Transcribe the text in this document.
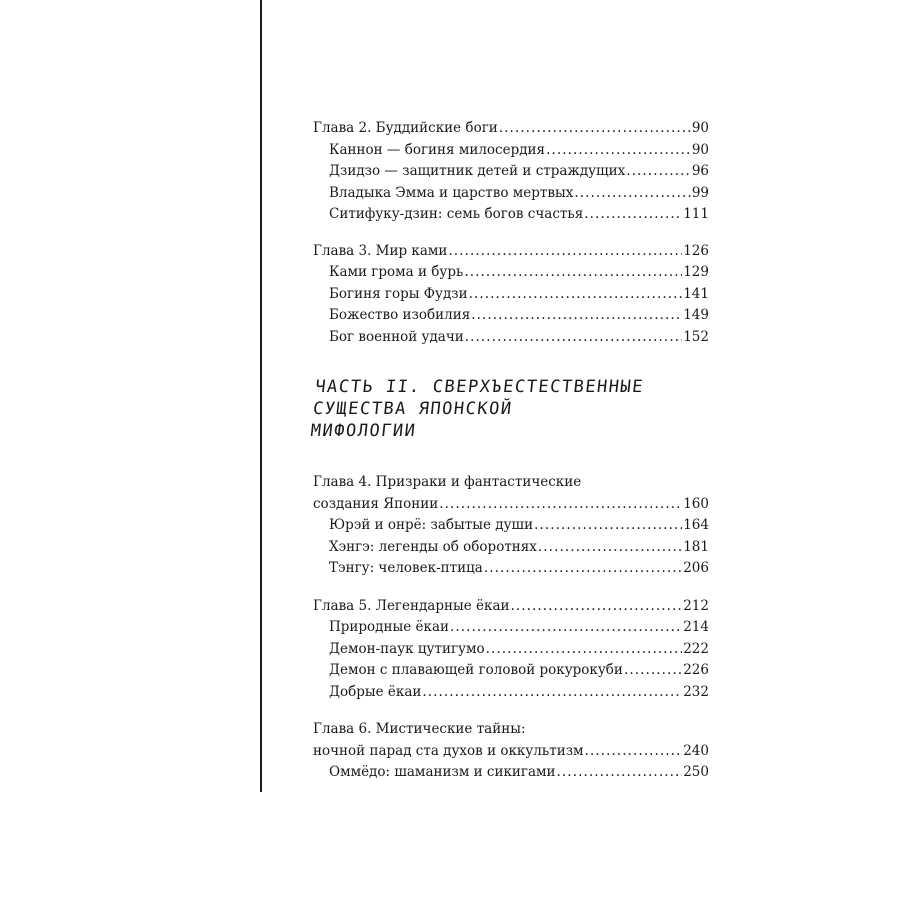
Глава 2. Буддийские боги . . .	90
Каннон — богиня милосердия . . .	90
Дзидзо — защитник детей и страждущих . . .	96
Владыка Эмма и царство мертвых . . .	99
Ситифуку-дзин: семь богов счастья . . .	111
Глава 3. Мир ками . . .	126
Ками грома и бурь . . .	129
Богиня горы Фудзи . . .	141
Божество изобилия . . .	149
Бог военной удачи . . .	152
ЧАСТЬ II. СВЕРХЪЕСТЕСТВЕННЫЕ
СУЩЕСТВА ЯПОНСКОЙ
МИФОЛОГИИ
Глава 4. Призраки и фантастические
создания Японии . . .	160
Юрэй и онрё: забытые души . . .	164
Хэнгэ: легенды об оборотнях . . .	181
Тэнгу: человек-птица . . .	206
Глава 5. Легендарные ёкаи . . .	212
Природные ёкаи . . .	214
Демон-паук цутигумо . . .	222
Демон с плавающей головой рокурокуби . . .	226
Добрые ёкаи . . .	232
Глава 6. Мистические тайны:
ночной парад ста духов и оккультизм . . .	240
Оммёдо: шаманизм и сикигами . . .	250
